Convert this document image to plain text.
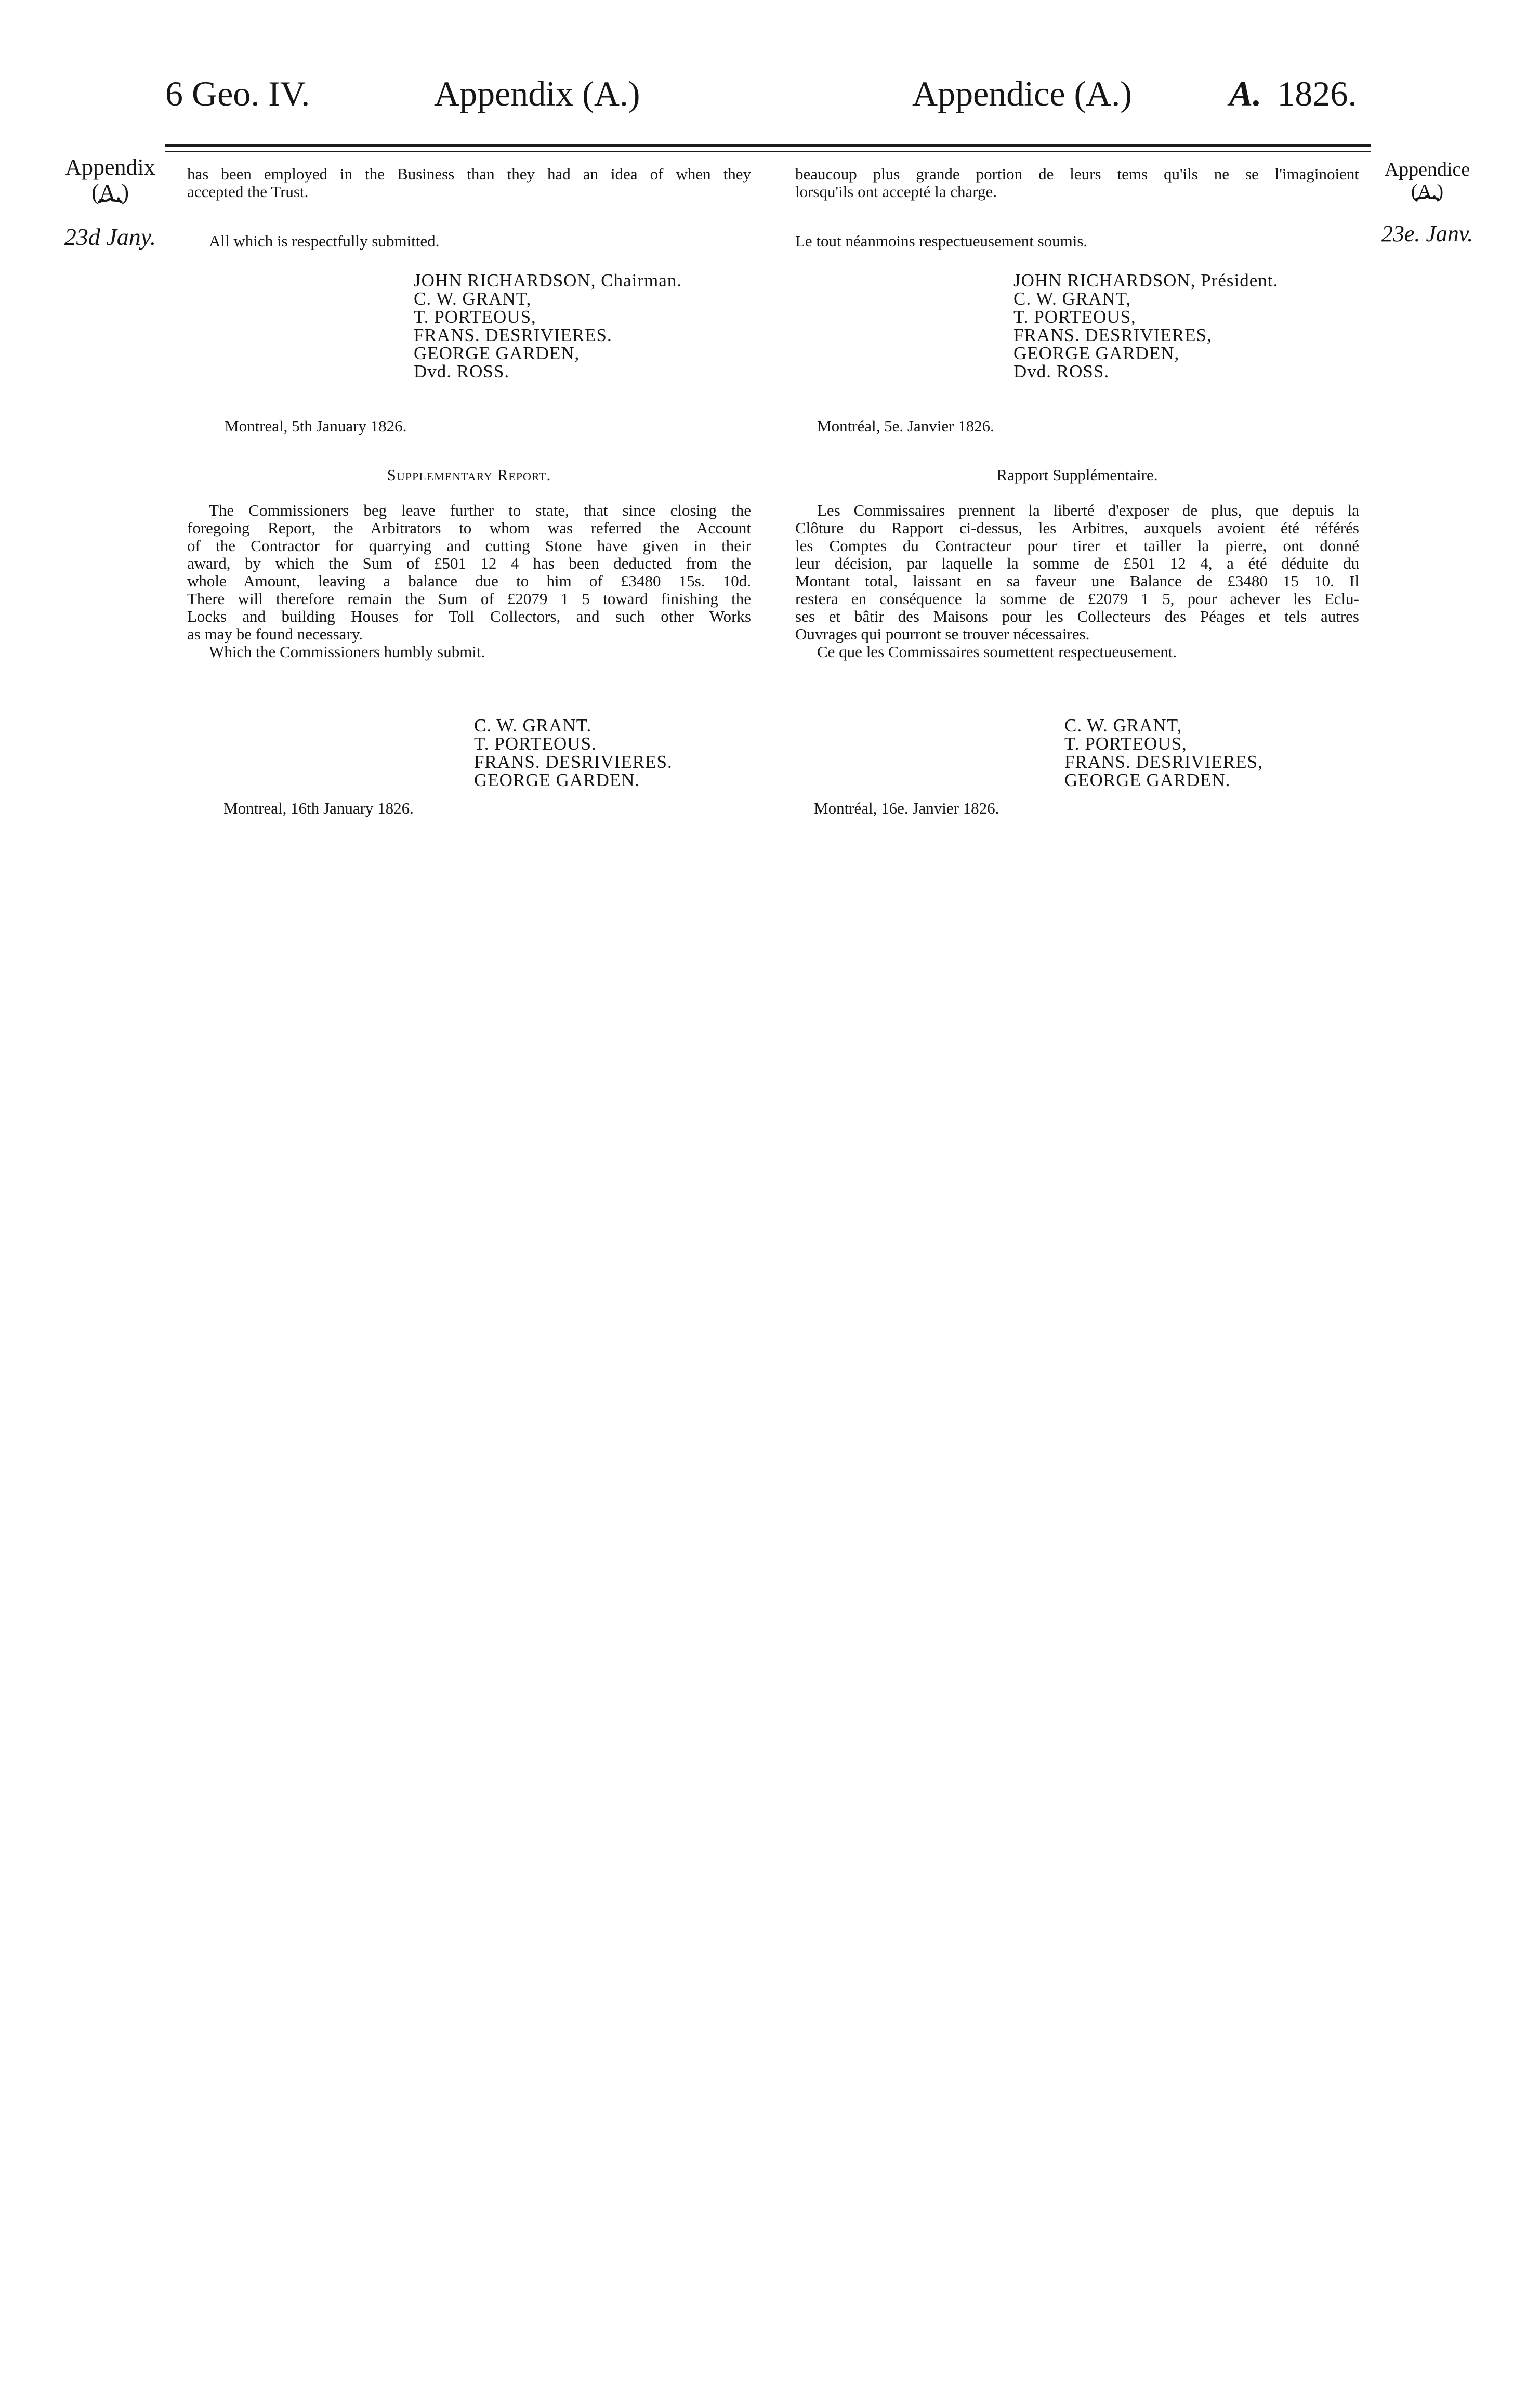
6 Geo. IV.	Appendix (A.)	Appendice (A.)	A. 1826.
Appendix
(A.)
⏞
23d Jany.
Appendice
(A.)
⏞
23e. Janv.

has been employed in the Business than they had an idea of when they

accepted the Trust.

All which is respectfully submitted.

JOHN RICHARDSON, Chairman.

C. W. GRANT,

T. PORTEOUS,

FRANS. DESRIVIERES.

GEORGE GARDEN,

Dvd. ROSS.

Montreal, 5th January 1826.

Supplementary Report.

The Commissioners beg leave further to state, that since closing the

foregoing Report, the Arbitrators to whom was referred the Account

of the Contractor for quarrying and cutting Stone have given in their

award, by which the Sum of £501 12 4 has been deducted from the

whole Amount, leaving a balance due to him of £3480 15s. 10d.

There will therefore remain the Sum of £2079 1 5 toward finishing the

Locks and building Houses for Toll Collectors, and such other Works

as may be found necessary.

Which the Commissioners humbly submit.

C. W. GRANT.

T. PORTEOUS.

FRANS. DESRIVIERES.

GEORGE GARDEN.

Montreal, 16th January 1826.

beaucoup plus grande portion de leurs tems qu'ils ne se l'imaginoient

lorsqu'ils ont accepté la charge.

Le tout néanmoins respectueusement soumis.

JOHN RICHARDSON, Président.

C. W. GRANT,

T. PORTEOUS,

FRANS. DESRIVIERES,

GEORGE GARDEN,

Dvd. ROSS.

Montréal, 5e. Janvier 1826.

Rapport Supplémentaire.

Les Commissaires prennent la liberté d'exposer de plus, que depuis la

Clôture du Rapport ci-dessus, les Arbitres, auxquels avoient été référés

les Comptes du Contracteur pour tirer et tailler la pierre, ont donné

leur décision, par laquelle la somme de £501 12 4, a été déduite du

Montant total, laissant en sa faveur une Balance de £3480 15 10. Il

restera en conséquence la somme de £2079 1 5, pour achever les Eclu-

ses et bâtir des Maisons pour les Collecteurs des Péages et tels autres

Ouvrages qui pourront se trouver nécessaires.

Ce que les Commissaires soumettent respectueusement.

C. W. GRANT,

T. PORTEOUS,

FRANS. DESRIVIERES,

GEORGE GARDEN.

Montréal, 16e. Janvier 1826.
